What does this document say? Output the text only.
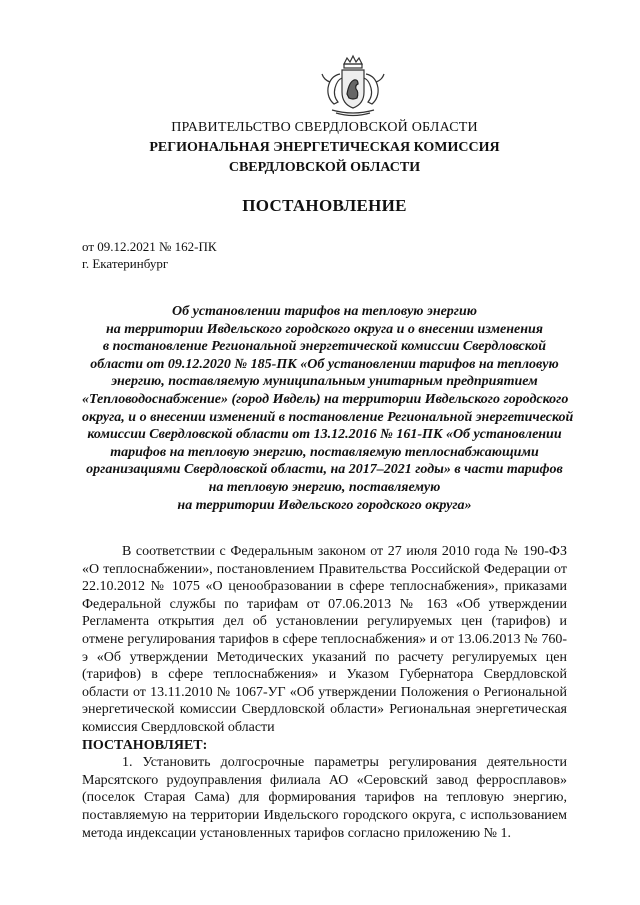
ПРАВИТЕЛЬСТВО СВЕРДЛОВСКОЙ ОБЛАСТИ
РЕГИОНАЛЬНАЯ ЭНЕРГЕТИЧЕСКАЯ КОМИССИЯ
СВЕРДЛОВСКОЙ ОБЛАСТИ
ПОСТАНОВЛЕНИЕ
от 09.12.2021 № 162-ПК
г. Екатеринбург
Об установлении тарифов на тепловую энергию
на территории Ивдельского городского округа и о внесении изменения
в постановление Региональной энергетической комиссии Свердловской
области от 09.12.2020 № 185-ПК «Об установлении тарифов на тепловую
энергию, поставляемую муниципальным унитарным предприятием
«Тепловодоснабжение» (город Ивдель) на территории Ивдельского городского
округа, и о внесении изменений в постановление Региональной энергетической
комиссии Свердловской области от 13.12.2016 № 161-ПК «Об установлении
тарифов на тепловую энергию, поставляемую теплоснабжающими
организациями Свердловской области, на 2017–2021 годы» в части тарифов
на тепловую энергию, поставляемую
на территории Ивдельского городского округа»

В соответствии с Федеральным законом от 27 июля 2010 года № 190-ФЗ «О теплоснабжении», постановлением Правительства Российской Федерации от 22.10.2012 № 1075 «О ценообразовании в сфере теплоснабжения», приказами Федеральной службы по тарифам от 07.06.2013 № 163 «Об утверждении Регламента открытия дел об установлении регулируемых цен (тарифов) и отмене регулирования тарифов в сфере теплоснабжения» и от 13.06.2013 № 760-э «Об утверждении Методических указаний по расчету регулируемых цен (тарифов) в сфере теплоснабжения» и Указом Губернатора Свердловской области от 13.11.2010 № 1067-УГ «Об утверждении Положения о Региональной энергетической комиссии Свердловской области» Региональная энергетическая комиссия Свердловской области

ПОСТАНОВЛЯЕТ:

1. Установить долгосрочные параметры регулирования деятельности Марсятского рудоуправления филиала АО «Серовский завод ферросплавов» (поселок Старая Сама) для формирования тарифов на тепловую энергию, поставляемую на территории Ивдельского городского округа, с использованием метода индексации установленных тарифов согласно приложению № 1.
